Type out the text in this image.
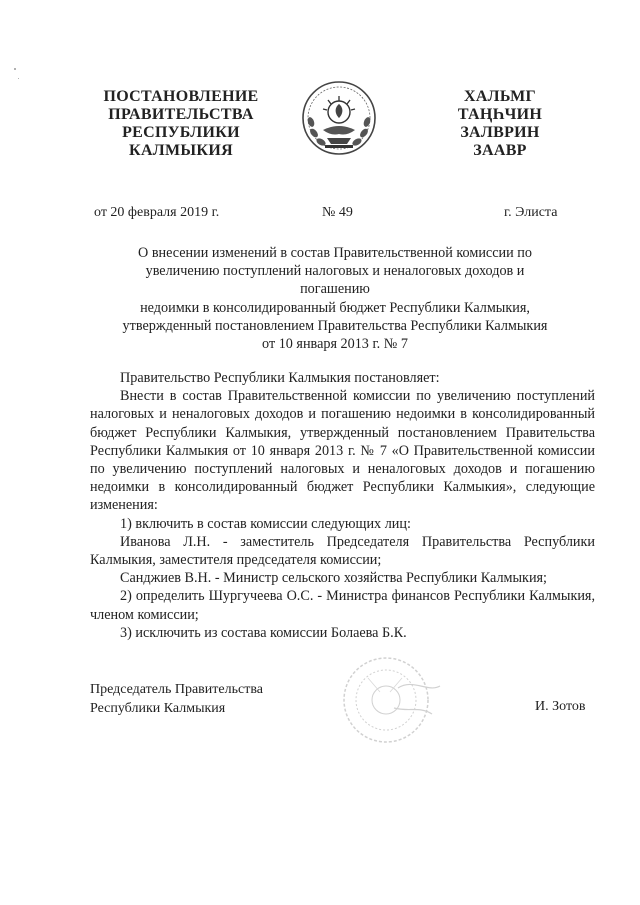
ПОСТАНОВЛЕНИЕ
ПРАВИТЕЛЬСТВА
РЕСПУБЛИКИ
КАЛМЫКИЯ
ХАЛЬМГ
ТАҢҺЧИН
ЗАЛВРИН
ЗААВР
от 20 февраля 2019 г.	№ 49	г. Элиста
О внесении изменений в состав Правительственной комиссии по
увеличению поступлений налоговых и неналоговых доходов и погашению
недоимки в консолидированный бюджет Республики Калмыкия,
утвержденный постановлением Правительства Республики Калмыкия
от 10 января 2013 г. № 7

Правительство Республики Калмыкия постановляет:

Внести в состав Правительственной комиссии по увеличению поступлений налоговых и неналоговых доходов и погашению недоимки в консолидированный бюджет Республики Калмыкия, утвержденный постановлением Правительства Республики Калмыкия от 10 января 2013 г. № 7 «О Правительственной комиссии по увеличению поступлений налоговых и неналоговых доходов и погашению недоимки в консолидированный бюджет Республики Калмыкия», следующие изменения:

1) включить в состав комиссии следующих лиц:

Иванова Л.Н. - заместитель Председателя Правительства Республики Калмыкия, заместителя председателя комиссии;

Санджиев В.Н. - Министр сельского хозяйства Республики Калмыкия;

2) определить Шургучеева О.С. - Министра финансов Республики Калмыкия, членом комиссии;

3) исключить из состава комиссии Болаева Б.К.

Председатель Правительства
Республики Калмыкия	И. Зотов
